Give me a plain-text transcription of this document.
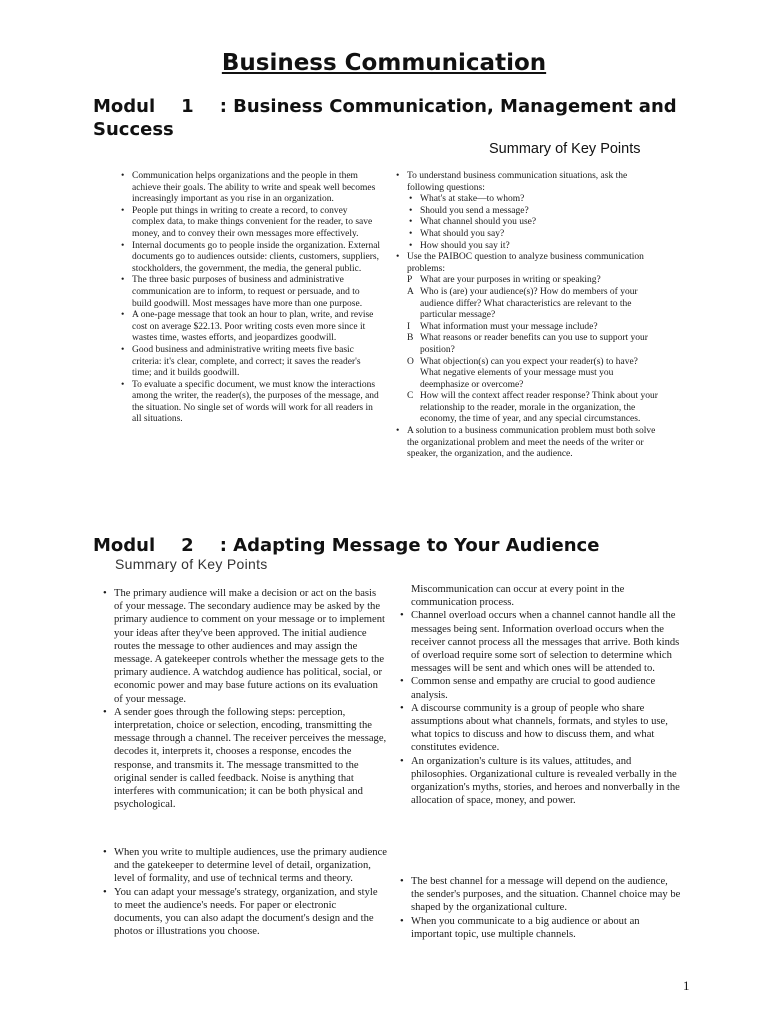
Business Communication
Modul 1 : Business Communication, Management and Success

Summary of Key Points

• Communication helps organizations and the people in them achieve their goals. The ability to write and speak well becomes increasingly important as you rise in an organization.
• People put things in writing to create a record, to convey complex data, to make things convenient for the reader, to save money, and to convey their own messages more effectively.
• Internal documents go to people inside the organization. External documents go to audiences outside: clients, customers, suppliers, stockholders, the government, the media, the general public.
• The three basic purposes of business and administrative communication are to inform, to request or persuade, and to build goodwill. Most messages have more than one purpose.
• A one-page message that took an hour to plan, write, and revise cost on average $22.13. Poor writing costs even more since it wastes time, wastes efforts, and jeopardizes goodwill.
• Good business and administrative writing meets five basic criteria: it's clear, complete, and correct; it saves the reader's time; and it builds goodwill.
• To evaluate a specific document, we must know the interactions among the writer, the reader(s), the purposes of the message, and the situation. No single set of words will work for all readers in all situations.
• To understand business communication situations, ask the following questions:
• What's at stake—to whom?
• Should you send a message?
• What channel should you use?
• What should you say?
• How should you say it?
• Use the PAIBOC question to analyze business communication problems:
P What are your purposes in writing or speaking?
A Who is (are) your audience(s)? How do members of your audience differ? What characteristics are relevant to the particular message?
I What information must your message include?
B What reasons or reader benefits can you use to support your position?
O What objection(s) can you expect your reader(s) to have? What negative elements of your message must you deemphasize or overcome?
C How will the context affect reader response? Think about your relationship to the reader, morale in the organization, the economy, the time of year, and any special circumstances.
• A solution to a business communication problem must both solve the organizational problem and meet the needs of the writer or speaker, the organization, and the audience.
Modul 2 : Adapting Message to Your Audience

Summary of Key Points

• The primary audience will make a decision or act on the basis of your message. The secondary audience may be asked by the primary audience to comment on your message or to implement your ideas after they've been approved. The initial audience routes the message to other audiences and may assign the message. A gatekeeper controls whether the message gets to the primary audience. A watchdog audience has political, social, or economic power and may base future actions on its evaluation of your message.
• A sender goes through the following steps: perception, interpretation, choice or selection, encoding, transmitting the message through a channel. The receiver perceives the message, decodes it, interprets it, chooses a response, encodes the response, and transmits it. The message transmitted to the original sender is called feedback. Noise is anything that interferes with communication; it can be both physical and psychological.
Miscommunication can occur at every point in the communication process.
• Channel overload occurs when a channel cannot handle all the messages being sent. Information overload occurs when the receiver cannot process all the messages that arrive. Both kinds of overload require some sort of selection to determine which messages will be sent and which ones will be attended to.
• Common sense and empathy are crucial to good audience analysis.
• A discourse community is a group of people who share assumptions about what channels, formats, and styles to use, what topics to discuss and how to discuss them, and what constitutes evidence.
• An organization's culture is its values, attitudes, and philosophies. Organizational culture is revealed verbally in the organization's myths, stories, and heroes and nonverbally in the allocation of space, money, and power.
• When you write to multiple audiences, use the primary audience and the gatekeeper to determine level of detail, organization, level of formality, and use of technical terms and theory.
• You can adapt your message's strategy, organization, and style to meet the audience's needs. For paper or electronic documents, you can also adapt the document's design and the photos or illustrations you choose.
• The best channel for a message will depend on the audience, the sender's purposes, and the situation. Channel choice may be shaped by the organizational culture.
• When you communicate to a big audience or about an important topic, use multiple channels.

1
